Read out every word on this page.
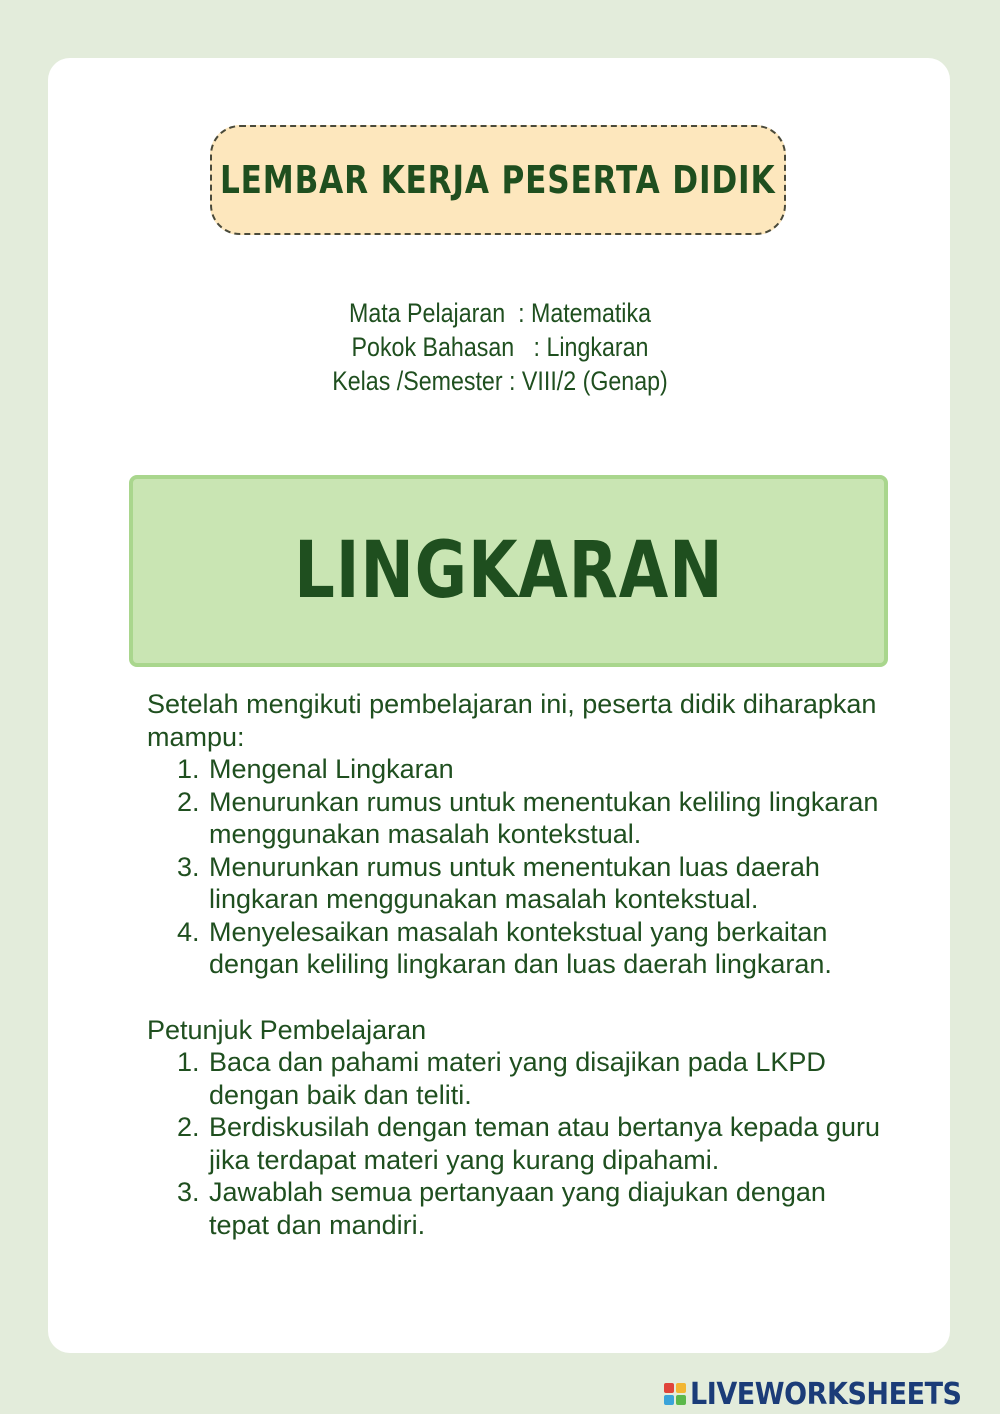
LEMBAR KERJA PESERTA DIDIK
Mata Pelajaran  : Matematika
Pokok Bahasan   : Lingkaran
Kelas /Semester : VIII/2 (Genap)
LINGKARAN

Setelah mengikuti pembelajaran ini, peserta didik diharapkan mampu:

1. Mengenal Lingkaran
2. Menurunkan rumus untuk menentukan keliling lingkaran menggunakan masalah kontekstual.
3. Menurunkan rumus untuk menentukan luas daerah lingkaran menggunakan masalah kontekstual.
4. Menyelesaikan masalah kontekstual yang berkaitan dengan keliling lingkaran dan luas daerah lingkaran.

Petunjuk Pembelajaran

1. Baca dan pahami materi yang disajikan pada LKPD dengan baik dan teliti.
2. Berdiskusilah dengan teman atau bertanya kepada guru jika terdapat materi yang kurang dipahami.
3. Jawablah semua pertanyaan yang diajukan dengan tepat dan mandiri.
LIVEWORKSHEETS
